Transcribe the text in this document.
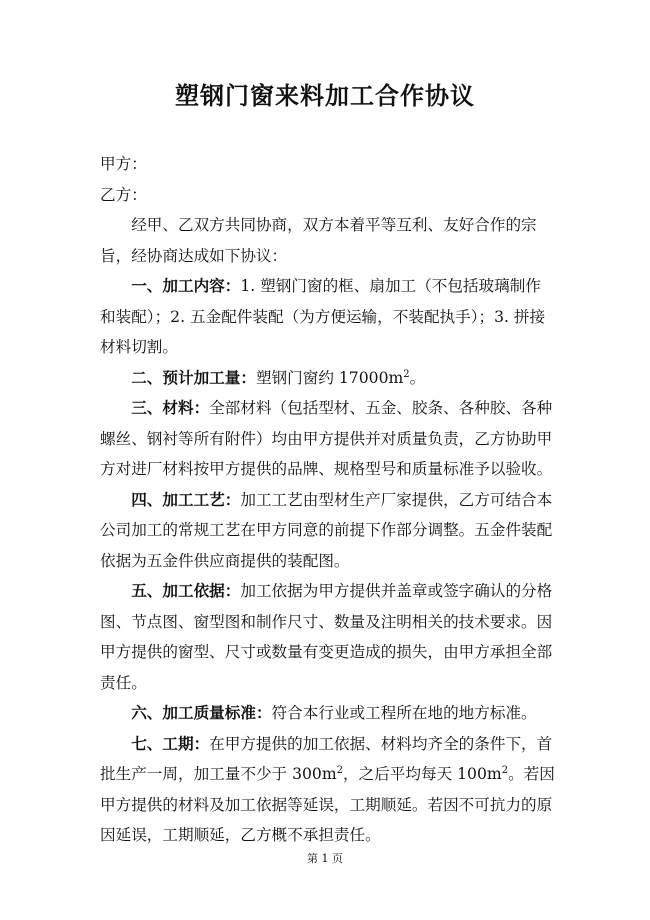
塑钢门窗来料加工合作协议

甲方：

乙方：

经甲、乙双方共同协商，双方本着平等互利、友好合作的宗旨，经协商达成如下协议：

一、加工内容：1. 塑钢门窗的框、扇加工（不包括玻璃制作和装配）；2. 五金配件装配（为方便运输，不装配执手）；3. 拼接材料切割。

二、预计加工量：塑钢门窗约 $17000m^2$。

三、材料：全部材料（包括型材、五金、胶条、各种胶、各种螺丝、钢衬等所有附件）均由甲方提供并对质量负责，乙方协助甲方对进厂材料按甲方提供的品牌、规格型号和质量标准予以验收。

四、加工工艺：加工工艺由型材生产厂家提供，乙方可结合本公司加工的常规工艺在甲方同意的前提下作部分调整。五金件装配依据为五金件供应商提供的装配图。

五、加工依据：加工依据为甲方提供并盖章或签字确认的分格图、节点图、窗型图和制作尺寸、数量及注明相关的技术要求。因甲方提供的窗型、尺寸或数量有变更造成的损失，由甲方承担全部责任。

六、加工质量标准：符合本行业或工程所在地的地方标准。

七、工期：在甲方提供的加工依据、材料均齐全的条件下，首批生产一周，加工量不少于 $300m^2$，之后平均每天 $100m^2$。若因甲方提供的材料及加工依据等延误，工期顺延。若因不可抗力的原因延误，工期顺延，乙方概不承担责任。

第 1 页
